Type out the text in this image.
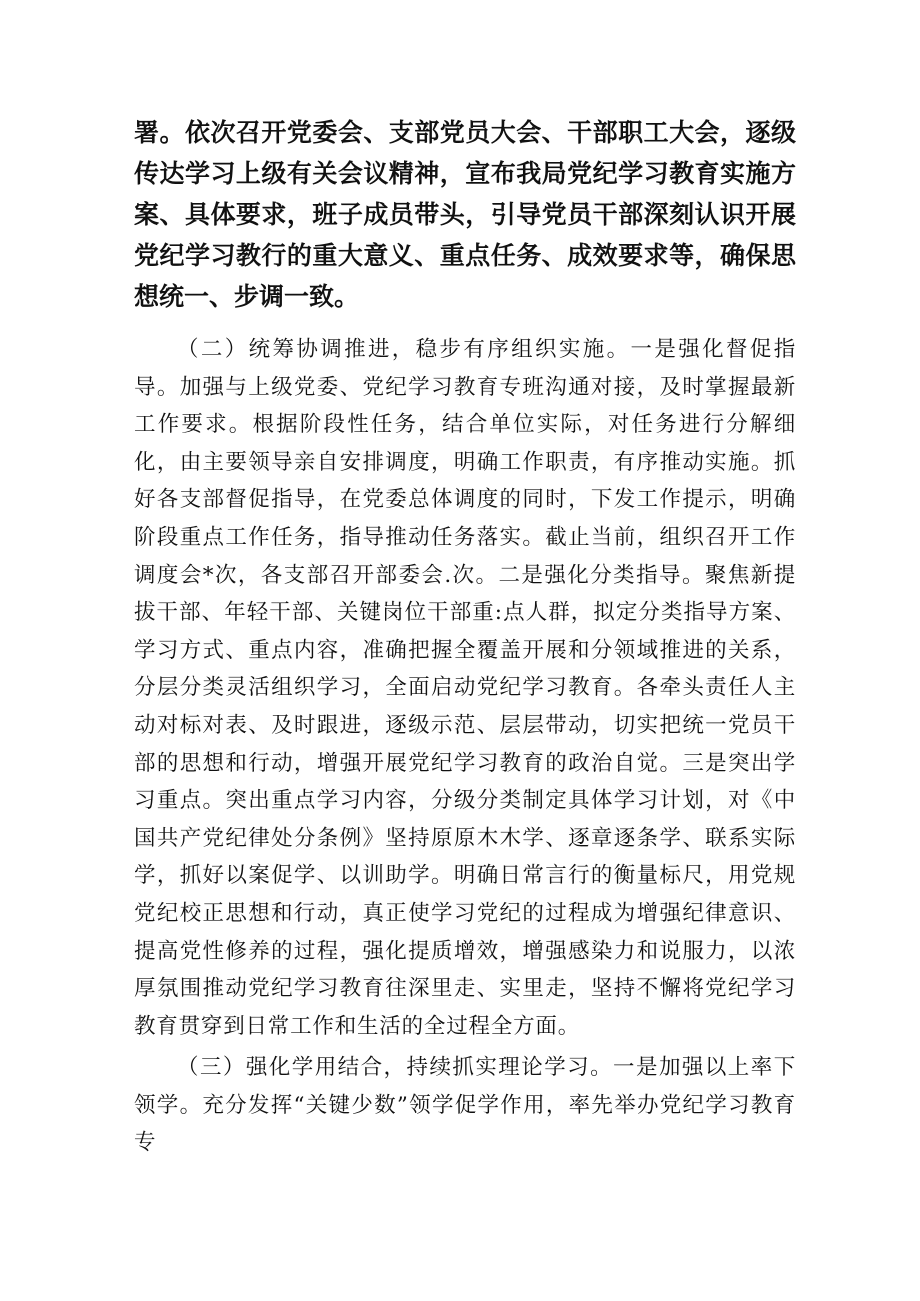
署。依次召开党委会、支部党员大会、干部职工大会，逐级传达学习上级有关会议精神，宣布我局党纪学习教育实施方案、具体要求，班子成员带头，引导党员干部深刻认识开展党纪学习教行的重大意义、重点任务、成效要求等，确保思想统一、步调一致。

（二）统筹协调推进，稳步有序组织实施。一是强化督促指导。加强与上级党委、党纪学习教育专班沟通对接，及时掌握最新工作要求。根据阶段性任务，结合单位实际，对任务进行分解细化，由主要领导亲自安排调度，明确工作职责，有序推动实施。抓好各支部督促指导，在党委总体调度的同时，下发工作提示，明确阶段重点工作任务，指导推动任务落实。截止当前，组织召开工作调度会*次，各支部召开部委会.次。二是强化分类指导。聚焦新提拔干部、年轻干部、关键岗位干部重:点人群，拟定分类指导方案、学习方式、重点内容，准确把握全覆盖开展和分领域推进的关系，分层分类灵活组织学习，全面启动党纪学习教育。各牵头责任人主动对标对表、及时跟进，逐级示范、层层带动，切实把统一党员干部的思想和行动，增强开展党纪学习教育的政治自觉。三是突出学习重点。突出重点学习内容，分级分类制定具体学习计划，对《中国共产党纪律处分条例》坚持原原木木学、逐章逐条学、联系实际学，抓好以案促学、以训助学。明确日常言行的衡量标尺，用党规党纪校正思想和行动，真正使学习党纪的过程成为增强纪律意识、提高党性修养的过程，强化提质增效，增强感染力和说服力，以浓厚氛围推动党纪学习教育往深里走、实里走，坚持不懈将党纪学习教育贯穿到日常工作和生活的全过程全方面。

（三）强化学用结合，持续抓实理论学习。一是加强以上率下领学。充分发挥“关键少数”领学促学作用，率先举办党纪学习教育专
